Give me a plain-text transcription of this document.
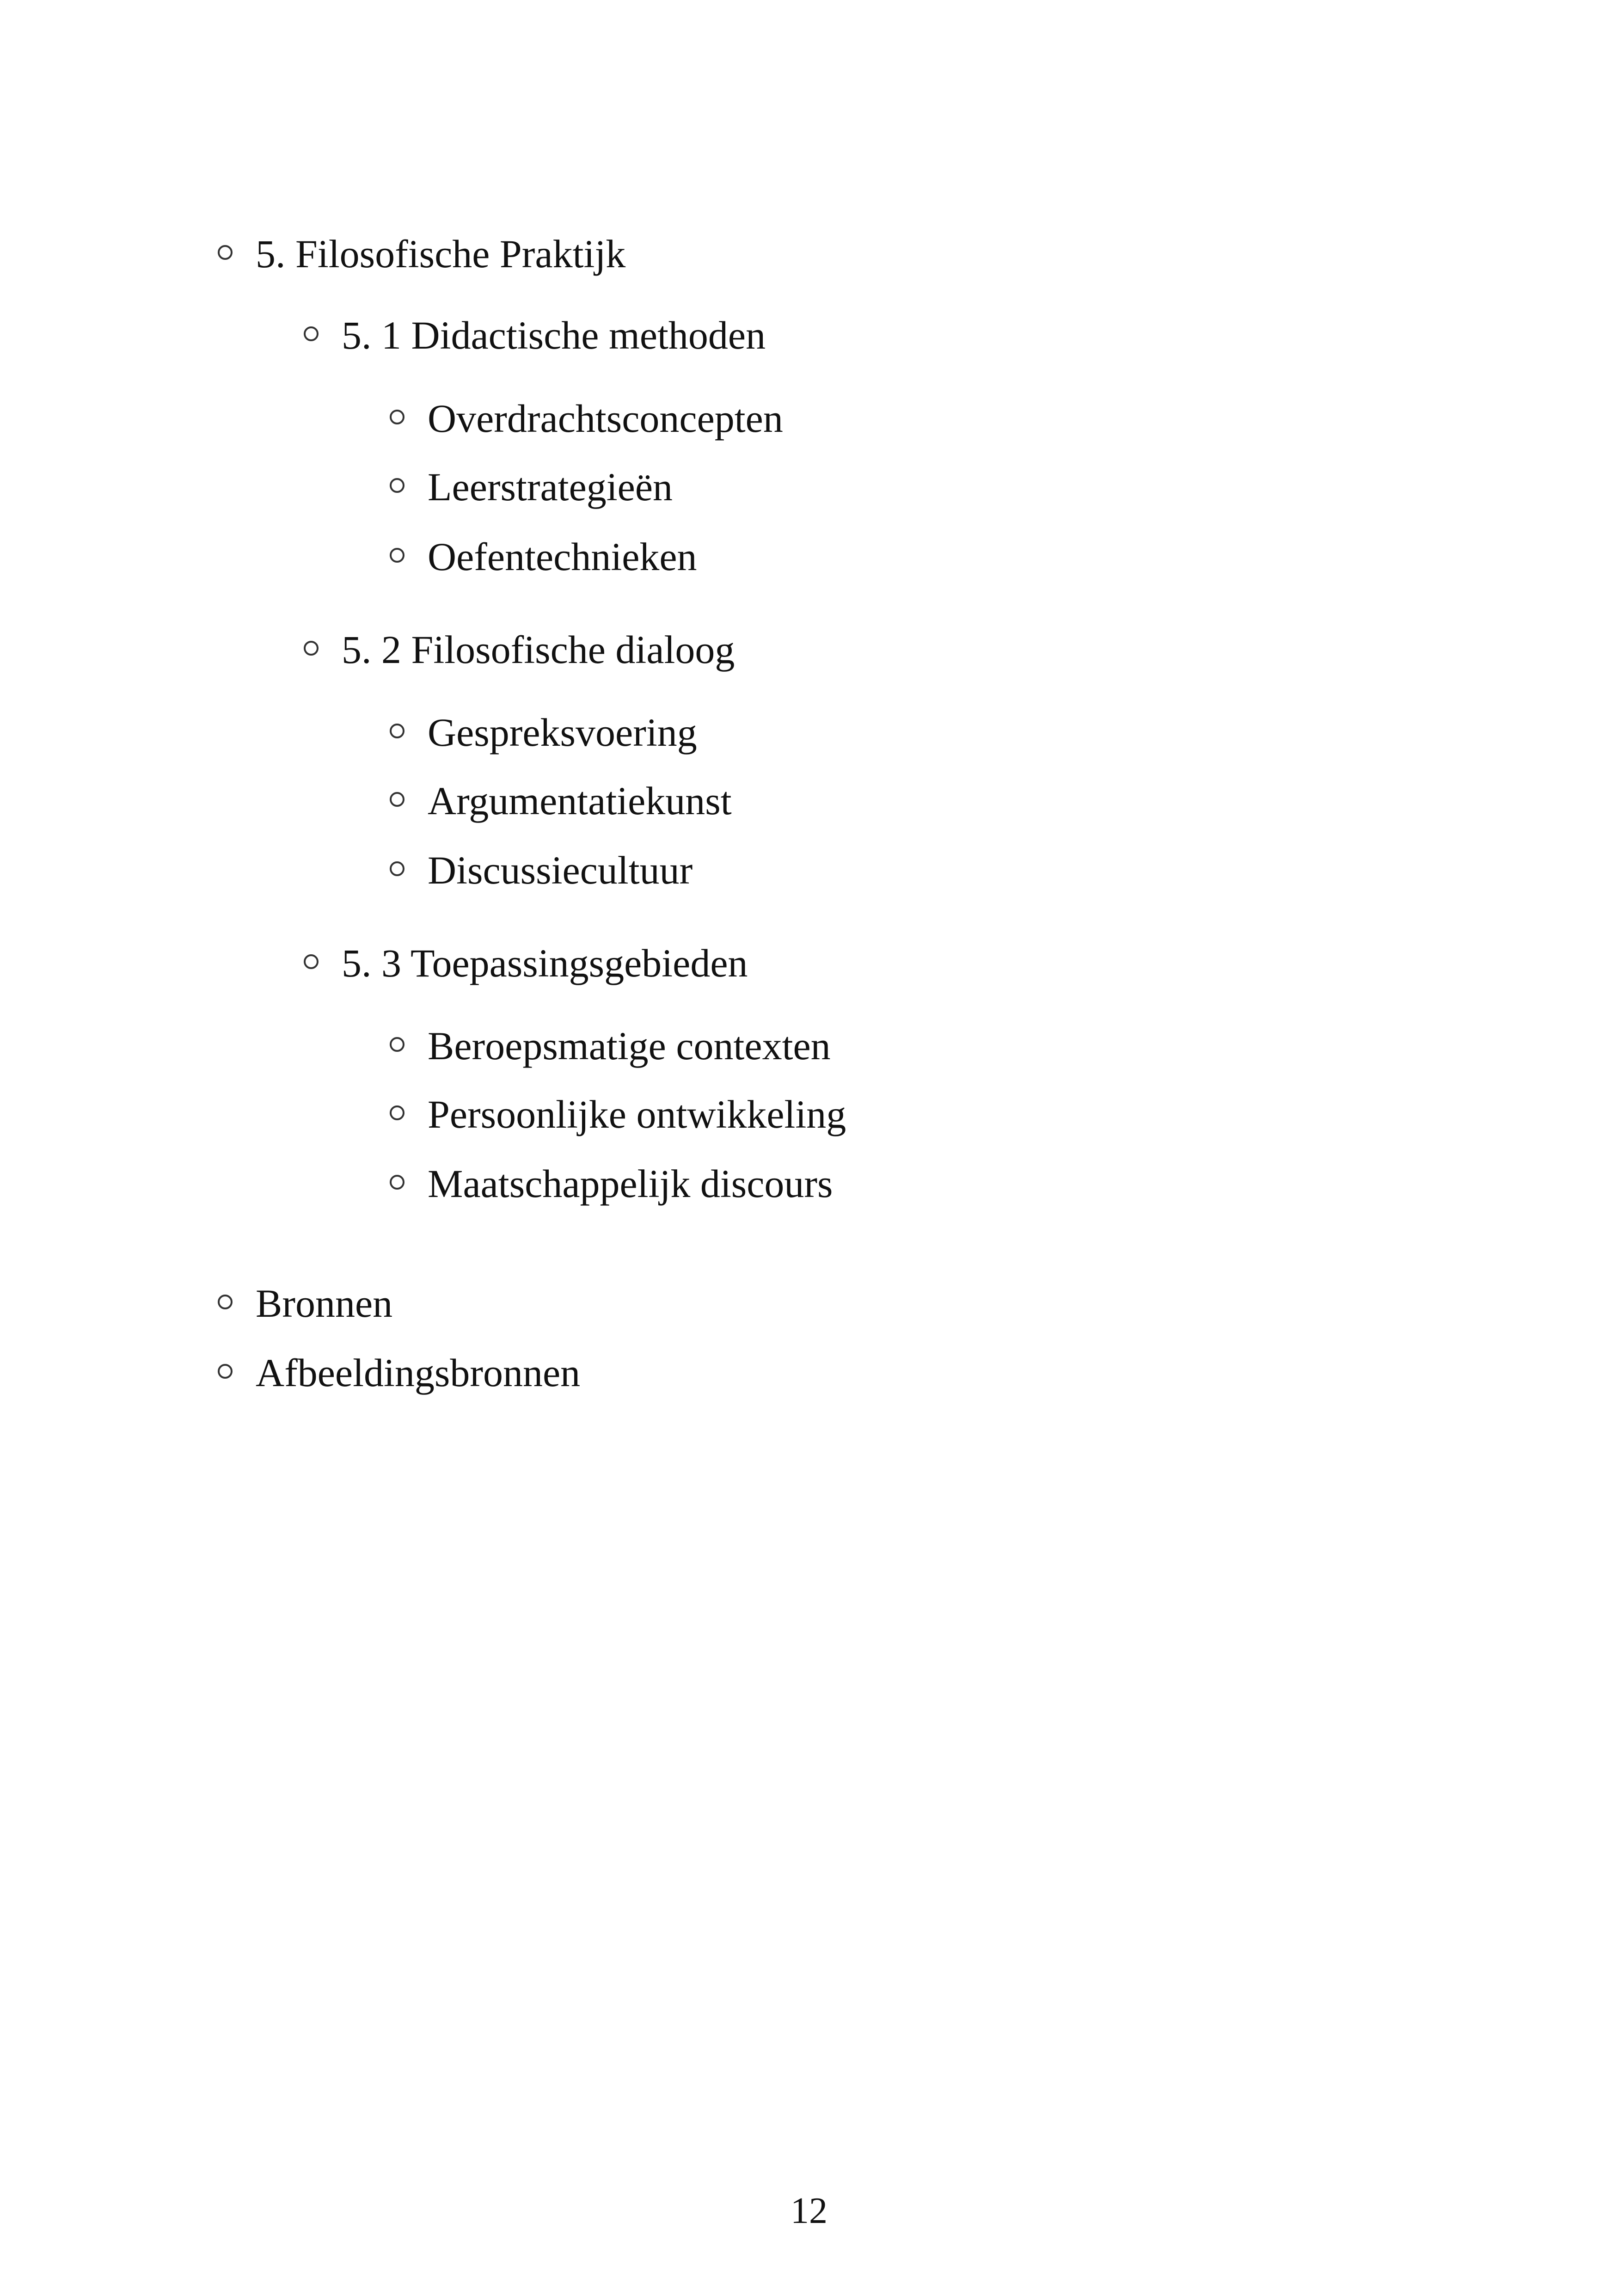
5. Filosofische Praktijk
5. 1 Didactische methoden
Overdrachtsconcepten
Leerstrategieën
Oefentechnieken
5. 2 Filosofische dialoog
Gespreksvoering
Argumentatiekunst
Discussiecultuur
5. 3 Toepassingsgebieden
Beroepsmatige contexten
Persoonlijke ontwikkeling
Maatschappelijk discours
Bronnen
Afbeeldingsbronnen
12
